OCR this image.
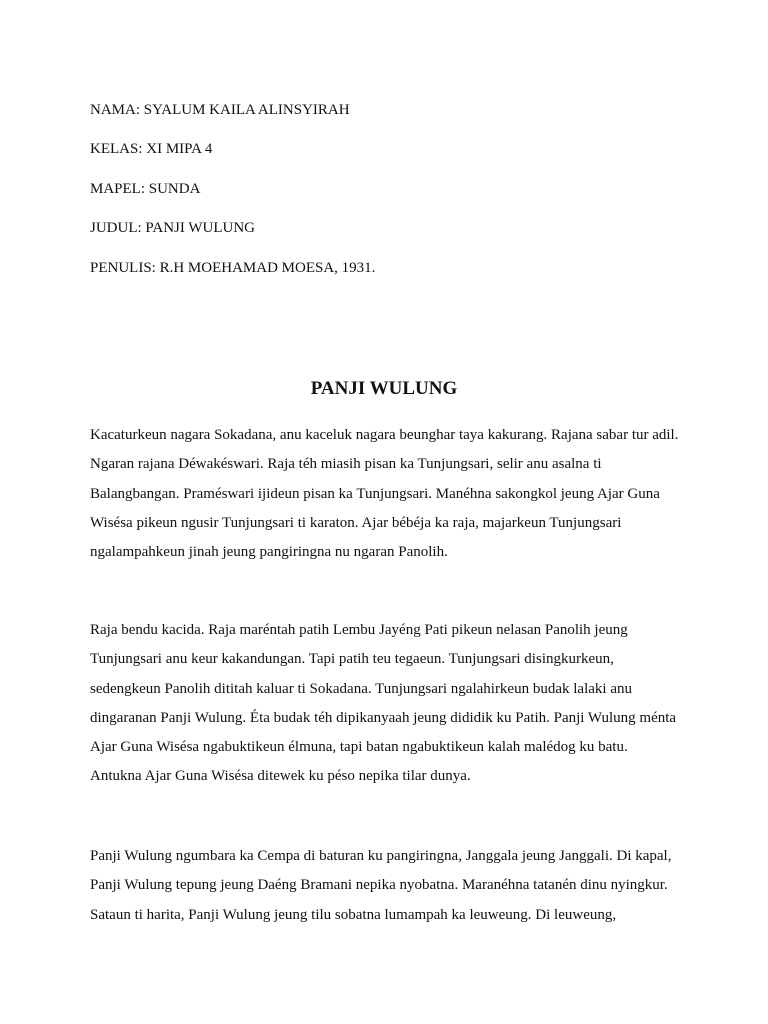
NAMA: SYALUM KAILA ALINSYIRAH
KELAS: XI MIPA 4
MAPEL: SUNDA
JUDUL: PANJI WULUNG
PENULIS: R.H MOEHAMAD MOESA, 1931.
PANJI WULUNG
Kacaturkeun nagara Sokadana, anu kaceluk nagara beunghar taya kakurang. Rajana sabar tur adil.
Ngaran rajana Déwakéswari. Raja téh miasih pisan ka Tunjungsari, selir anu asalna ti
Balangbangan. Praméswari ijideun pisan ka Tunjungsari. Manéhna sakongkol jeung Ajar Guna
Wisésa pikeun ngusir Tunjungsari ti karaton. Ajar bébéja ka raja, majarkeun Tunjungsari
ngalampahkeun jinah jeung pangiringna nu ngaran Panolih.
Raja bendu kacida. Raja maréntah patih Lembu Jayéng Pati pikeun nelasan Panolih jeung
Tunjungsari anu keur kakandungan. Tapi patih teu tegaeun. Tunjungsari disingkurkeun,
sedengkeun Panolih dititah kaluar ti Sokadana. Tunjungsari ngalahirkeun budak lalaki anu
dingaranan Panji Wulung. Éta budak téh dipikanyaah jeung dididik ku Patih. Panji Wulung ménta
Ajar Guna Wisésa ngabuktikeun élmuna, tapi batan ngabuktikeun kalah malédog ku batu.
Antukna Ajar Guna Wisésa ditewek ku péso nepika tilar dunya.
Panji Wulung ngumbara ka Cempa di baturan ku pangiringna, Janggala jeung Janggali. Di kapal,
Panji Wulung tepung jeung Daéng Bramani nepika nyobatna. Maranéhna tatanén dinu nyingkur.
Sataun ti harita, Panji Wulung jeung tilu sobatna lumampah ka leuweung. Di leuweung,
